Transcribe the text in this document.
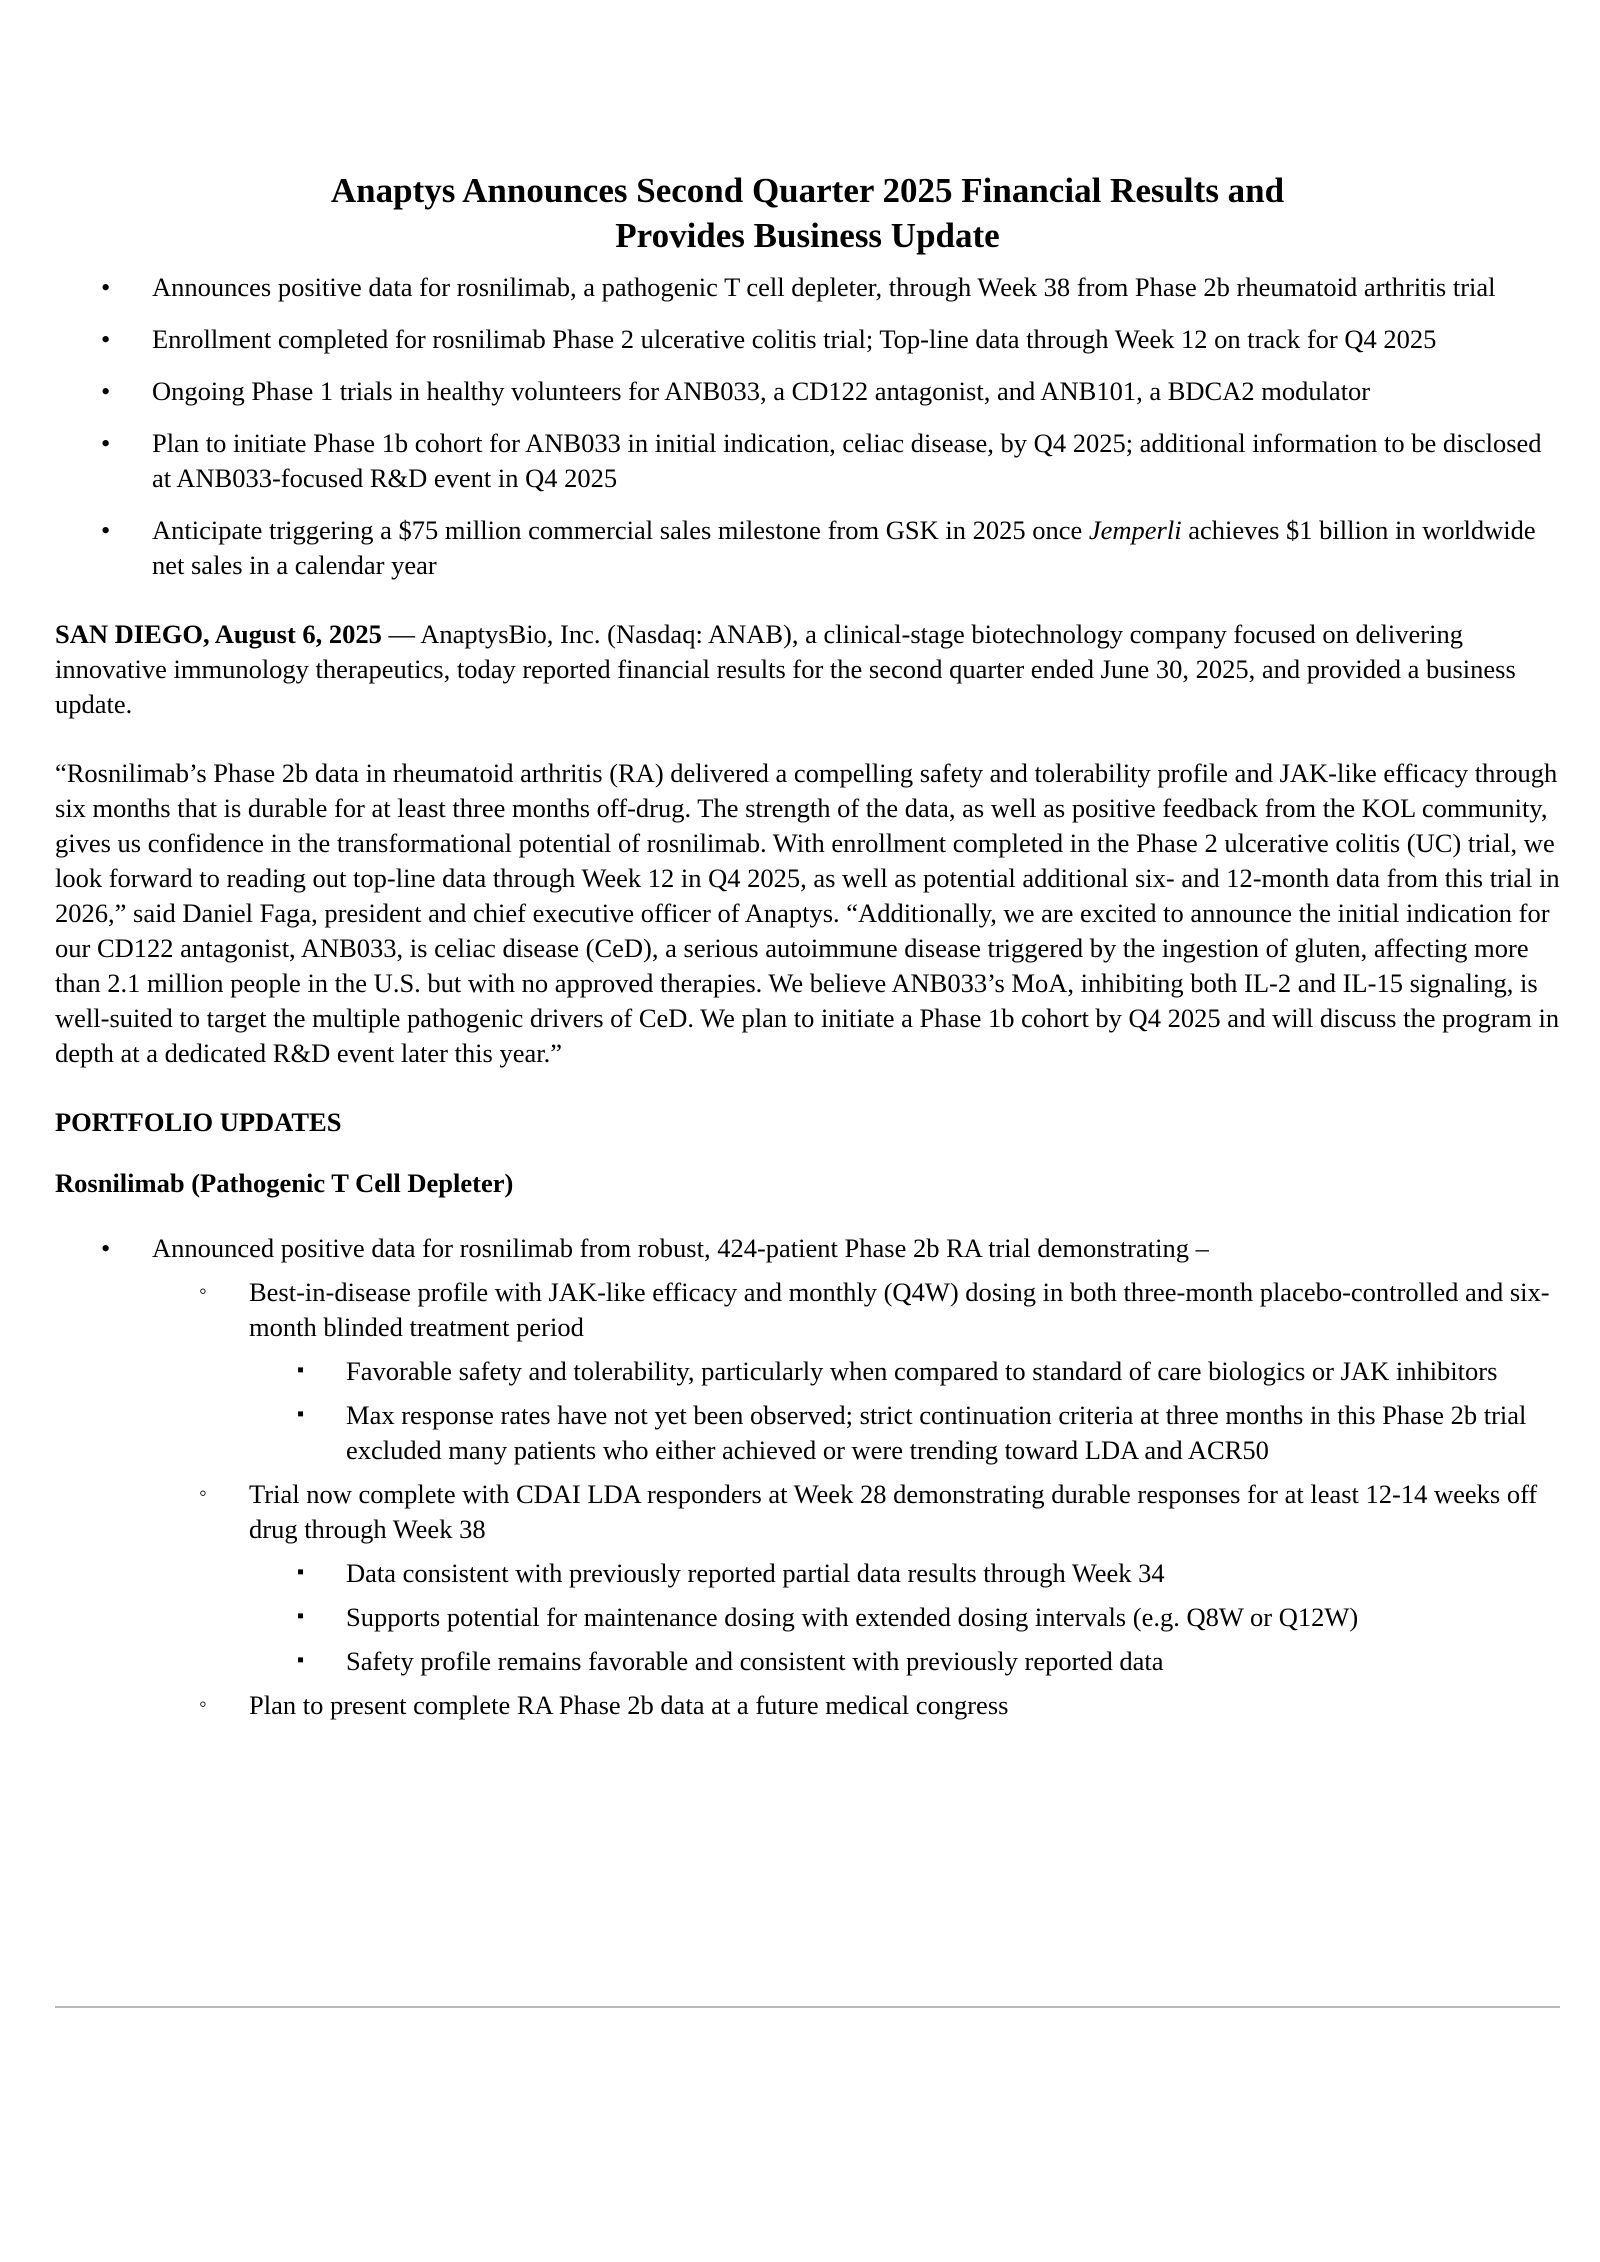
Anaptys Announces Second Quarter 2025 Financial Results and
Provides Business Update
• Announces positive data for rosnilimab, a pathogenic T cell depleter, through Week 38 from Phase 2b rheumatoid arthritis trial
• Enrollment completed for rosnilimab Phase 2 ulcerative colitis trial; Top-line data through Week 12 on track for Q4 2025
• Ongoing Phase 1 trials in healthy volunteers for ANB033, a CD122 antagonist, and ANB101, a BDCA2 modulator
• Plan to initiate Phase 1b cohort for ANB033 in initial indication, celiac disease, by Q4 2025; additional information to be disclosed at ANB033-focused R&D event in Q4 2025
• Anticipate triggering a $75 million commercial sales milestone from GSK in 2025 once Jemperli achieves $1 billion in worldwide net sales in a calendar year

SAN DIEGO, August 6, 2025 — AnaptysBio, Inc. (Nasdaq: ANAB), a clinical-stage biotechnology company focused on delivering innovative immunology therapeutics, today reported financial results for the second quarter ended June 30, 2025, and provided a business update.

“Rosnilimab’s Phase 2b data in rheumatoid arthritis (RA) delivered a compelling safety and tolerability profile and JAK-like efficacy through six months that is durable for at least three months off-drug. The strength of the data, as well as positive feedback from the KOL community, gives us confidence in the transformational potential of rosnilimab. With enrollment completed in the Phase 2 ulcerative colitis (UC) trial, we look forward to reading out top-line data through Week 12 in Q4 2025, as well as potential additional six- and 12-month data from this trial in 2026,” said Daniel Faga, president and chief executive officer of Anaptys. “Additionally, we are excited to announce the initial indication for our CD122 antagonist, ANB033, is celiac disease (CeD), a serious autoimmune disease triggered by the ingestion of gluten, affecting more than 2.1 million people in the U.S. but with no approved therapies. We believe ANB033’s MoA, inhibiting both IL-2 and IL-15 signaling, is well-suited to target the multiple pathogenic drivers of CeD. We plan to initiate a Phase 1b cohort by Q4 2025 and will discuss the program in depth at a dedicated R&D event later this year.”

PORTFOLIO UPDATES
Rosnilimab (Pathogenic T Cell Depleter)
• Announced positive data for rosnilimab from robust, 424-patient Phase 2b RA trial demonstrating –
◦ Best-in-disease profile with JAK-like efficacy and monthly (Q4W) dosing in both three-month placebo-controlled and six-month blinded treatment period
▪ Favorable safety and tolerability, particularly when compared to standard of care biologics or JAK inhibitors
▪ Max response rates have not yet been observed; strict continuation criteria at three months in this Phase 2b trial excluded many patients who either achieved or were trending toward LDA and ACR50
◦ Trial now complete with CDAI LDA responders at Week 28 demonstrating durable responses for at least 12-14 weeks off drug through Week 38
▪ Data consistent with previously reported partial data results through Week 34
▪ Supports potential for maintenance dosing with extended dosing intervals (e.g. Q8W or Q12W)
▪ Safety profile remains favorable and consistent with previously reported data
◦ Plan to present complete RA Phase 2b data at a future medical congress
